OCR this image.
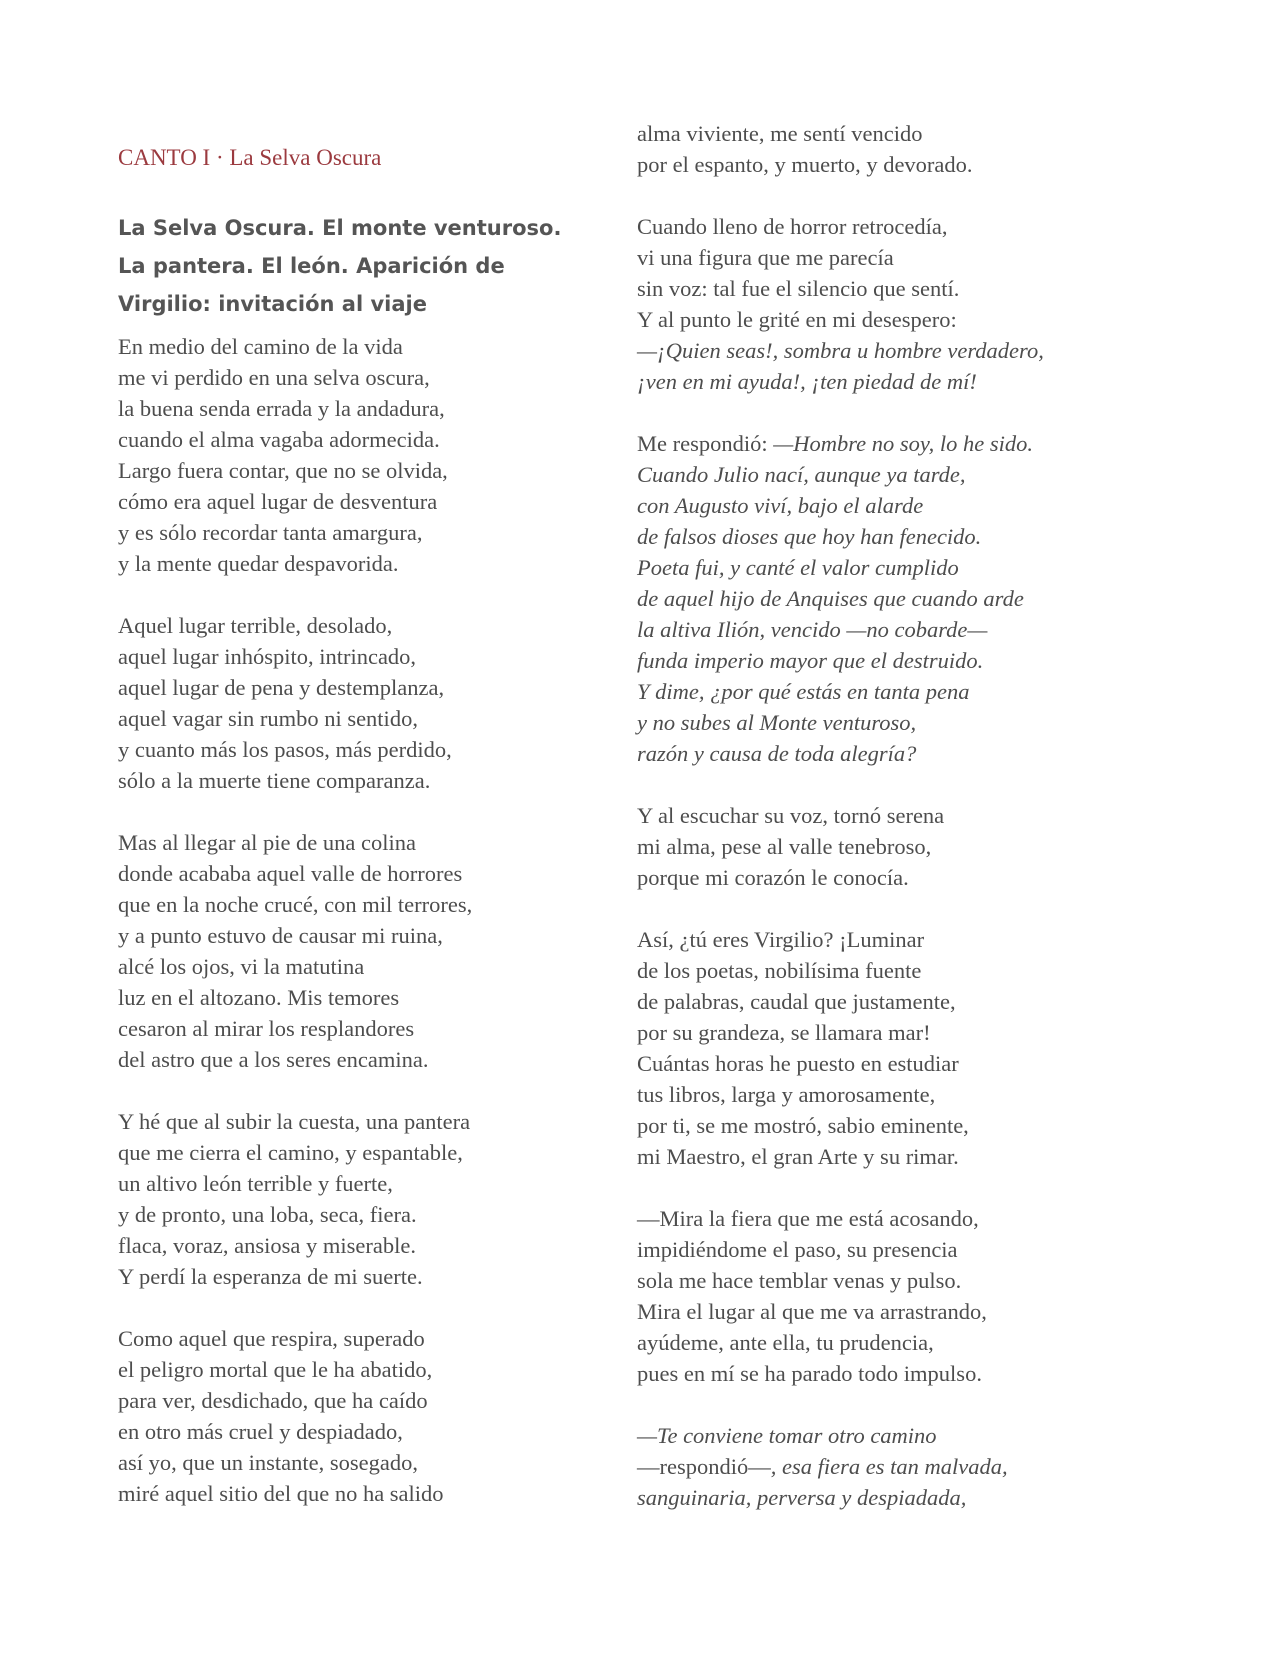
CANTO I · La Selva Oscura
La Selva Oscura. El monte venturoso. La pantera. El león. Aparición de Virgilio: invitación al viaje

En medio del camino de la vida
me vi perdido en una selva oscura,
la buena senda errada y la andadura,
cuando el alma vagaba adormecida.
Largo fuera contar, que no se olvida,
cómo era aquel lugar de desventura
y es sólo recordar tanta amargura,
y la mente quedar despavorida.

Aquel lugar terrible, desolado,
aquel lugar inhóspito, intrincado,
aquel lugar de pena y destemplanza,
aquel vagar sin rumbo ni sentido,
y cuanto más los pasos, más perdido,
sólo a la muerte tiene comparanza.

Mas al llegar al pie de una colina
donde acababa aquel valle de horrores
que en la noche crucé, con mil terrores,
y a punto estuvo de causar mi ruina,
alcé los ojos, vi la matutina
luz en el altozano. Mis temores
cesaron al mirar los resplandores
del astro que a los seres encamina.

Y hé que al subir la cuesta, una pantera
que me cierra el camino, y espantable,
un altivo león terrible y fuerte,
y de pronto, una loba, seca, fiera.
flaca, voraz, ansiosa y miserable.
Y perdí la esperanza de mi suerte.

Como aquel que respira, superado
el peligro mortal que le ha abatido,
para ver, desdichado, que ha caído
en otro más cruel y despiadado,
así yo, que un instante, sosegado,
miré aquel sitio del que no ha salido

alma viviente, me sentí vencido
por el espanto, y muerto, y devorado.

Cuando lleno de horror retrocedía,
vi una figura que me parecía
sin voz: tal fue el silencio que sentí.
Y al punto le grité en mi desespero:
—¡Quien seas!, sombra u hombre verdadero,
¡ven en mi ayuda!, ¡ten piedad de mí!

Me respondió: —Hombre no soy, lo he sido.
Cuando Julio nací, aunque ya tarde,
con Augusto viví, bajo el alarde
de falsos dioses que hoy han fenecido.
Poeta fui, y canté el valor cumplido
de aquel hijo de Anquises que cuando arde
la altiva Ilión, vencido —no cobarde—
funda imperio mayor que el destruido.
Y dime, ¿por qué estás en tanta pena
y no subes al Monte venturoso,
razón y causa de toda alegría?

Y al escuchar su voz, tornó serena
mi alma, pese al valle tenebroso,
porque mi corazón le conocía.

Así, ¿tú eres Virgilio? ¡Luminar
de los poetas, nobilísima fuente
de palabras, caudal que justamente,
por su grandeza, se llamara mar!
Cuántas horas he puesto en estudiar
tus libros, larga y amorosamente,
por ti, se me mostró, sabio eminente,
mi Maestro, el gran Arte y su rimar.

—Mira la fiera que me está acosando,
impidiéndome el paso, su presencia
sola me hace temblar venas y pulso.
Mira el lugar al que me va arrastrando,
ayúdeme, ante ella, tu prudencia,
pues en mí se ha parado todo impulso.

—Te conviene tomar otro camino
—respondió—, esa fiera es tan malvada,
sanguinaria, perversa y despiadada,
